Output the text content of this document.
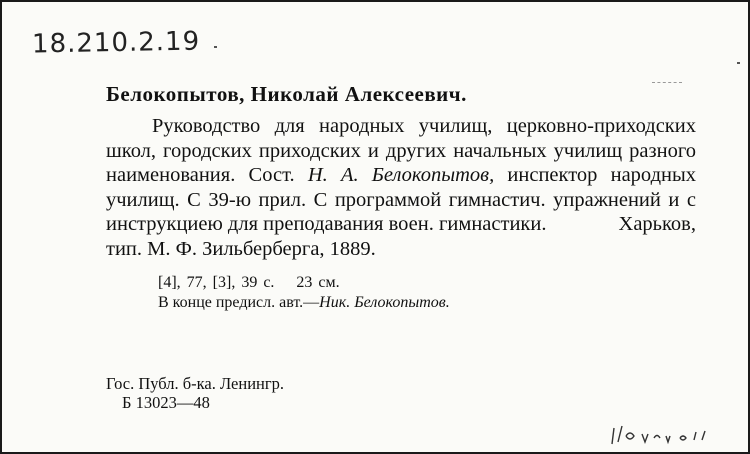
18.210.2.19
Белокопытов, Николай Алексеевич.
Руководство для народных училищ, церковно-приходских школ, городских приходских и других начальных училищ разного наименования. Сост. Н. А. Белокопытов, инспектор народных училищ. С 39-ю прил. С программой гимнастич. упражнений и с инструкциею для преподавания воен. гимнастики.	Харьков,
тип. М. Ф. Зильберберга, 1889.
[4], 77, [3], 39 с. 23 см.
В конце предисл. авт.—Ник. Белокопытов.
Гос. Публ. б-ка. Ленингр.
Б 13023—48
